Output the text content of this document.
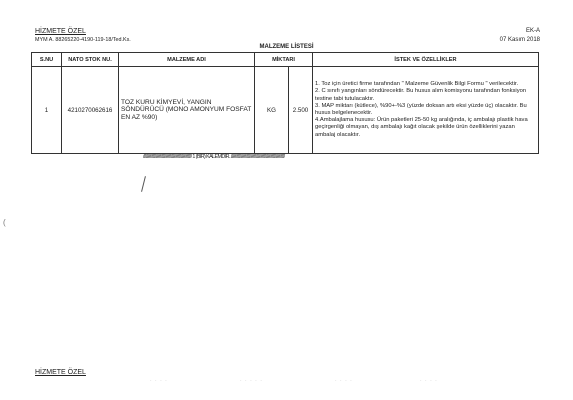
HİZMETE ÖZEL
MYM A. 88265220-4190-119-18/Ted.Ks.
EK-A
07 Kasım 2018
MALZEME LİSTESİ
S.NU	NATO STOK NU.	MALZEME ADI	MİKTARI		İSTEK VE ÖZELLİKLER
1	4210270062616	TOZ KURU KİMYEVİ, YANGIN SÖNDÜRÜCÜ (MONO AMONYUM FOSFAT EN AZ %90)	KG	2.500	1. Toz için üretici firme tarafından " Malzeme Güvenlik Bilgi Formu " verilecektir.
2. C sınıfı yangınları söndürecektir. Bu husus alım komisyonu tarafından fonksiyon testine tabi tutulacaktır.
3. MAP miktarı (kütlece), %90+-%3 (yüzde doksan artı eksi yüzde üç) olacaktır. Bu husus belgelenecektir.
4.Ambalajlama hususu: Ürün paketleri 25-50 kg aralığında, iç ambalajı plastik hava geçirgenliği olmayan, dış ambalajı kağıt olacak şekilde ürün özelliklerini yazan ambalaj olacaktır.
////////////////////////////////////////////////////// 1 (BİR) KALEMDİR. ////////////////////////////////////////////////////////////
(
HİZMETE ÖZEL
· · · ·	· · · · ·	· · · ·	· · · ·
